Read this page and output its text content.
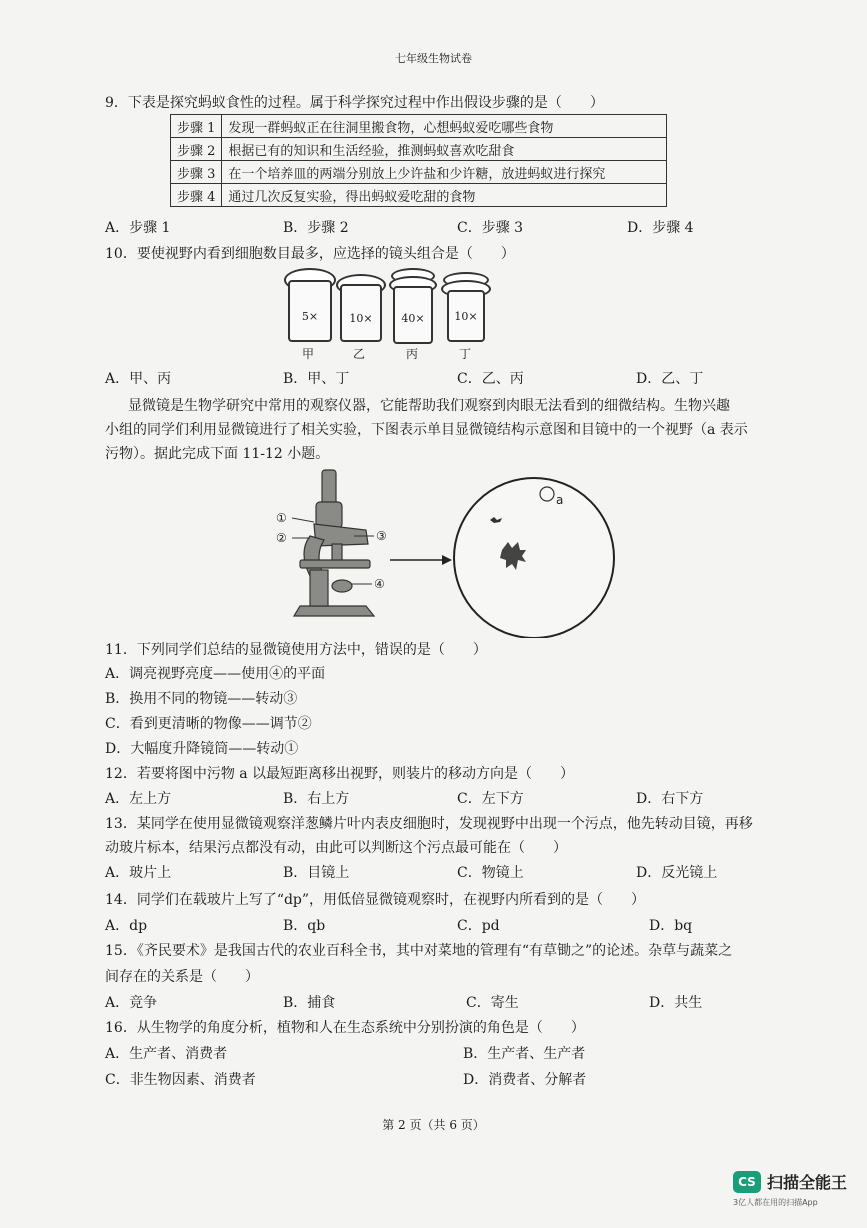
七年级生物试卷
9．下表是探究蚂蚁食性的过程。属于科学探究过程中作出假设步骤的是（　　）
步骤 1	发现一群蚂蚁正在往洞里搬食物，心想蚂蚁爱吃哪些食物
步骤 2	根据已有的知识和生活经验，推测蚂蚁喜欢吃甜食
步骤 3	在一个培养皿的两端分别放上少许盐和少许糖，放进蚂蚁进行探究
步骤 4	通过几次反复实验，得出蚂蚁爱吃甜的食物
A．步骤 1	B．步骤 2	C．步骤 3	D．步骤 4
10．要使视野内看到细胞数目最多，应选择的镜头组合是（　　）
5×	10×	40×	10×
甲	乙	丙	丁
A．甲、丙	B．甲、丁	C．乙、丙	D．乙、丁
显微镜是生物学研究中常用的观察仪器，它能帮助我们观察到肉眼无法看到的细微结构。生物兴趣
小组的同学们利用显微镜进行了相关实验，下图表示单目显微镜结构示意图和目镜中的一个视野（a 表示
污物）。据此完成下面 11-12 小题。
①
②	③
④
a
11．下列同学们总结的显微镜使用方法中，错误的是（　　）
A．调亮视野亮度——使用④的平面
B．换用不同的物镜——转动③
C．看到更清晰的物像——调节②
D．大幅度升降镜筒——转动①
12．若要将图中污物 a 以最短距离移出视野，则装片的移动方向是（　　）
A．左上方	B．右上方	C．左下方	D．右下方
13．某同学在使用显微镜观察洋葱鳞片叶内表皮细胞时，发现视野中出现一个污点，他先转动目镜，再移
动玻片标本，结果污点都没有动，由此可以判断这个污点最可能在（　　）
A．玻片上	B．目镜上	C．物镜上	D．反光镜上
14．同学们在载玻片上写了“dp”，用低倍显微镜观察时，在视野内所看到的是（　　）
A．dp	B．qb	C．pd	D．bq
15．《齐民要术》是我国古代的农业百科全书，其中对菜地的管理有“有草锄之”的论述。杂草与蔬菜之
间存在的关系是（　　）
A．竞争	B．捕食	C．寄生	D．共生
16．从生物学的角度分析，植物和人在生态系统中分别扮演的角色是（　　）
A．生产者、消费者	B．生产者、生产者
C．非生物因素、消费者	D．消费者、分解者
第 2 页（共 6 页）
CS 扫描全能王
3亿人都在用的扫描App
